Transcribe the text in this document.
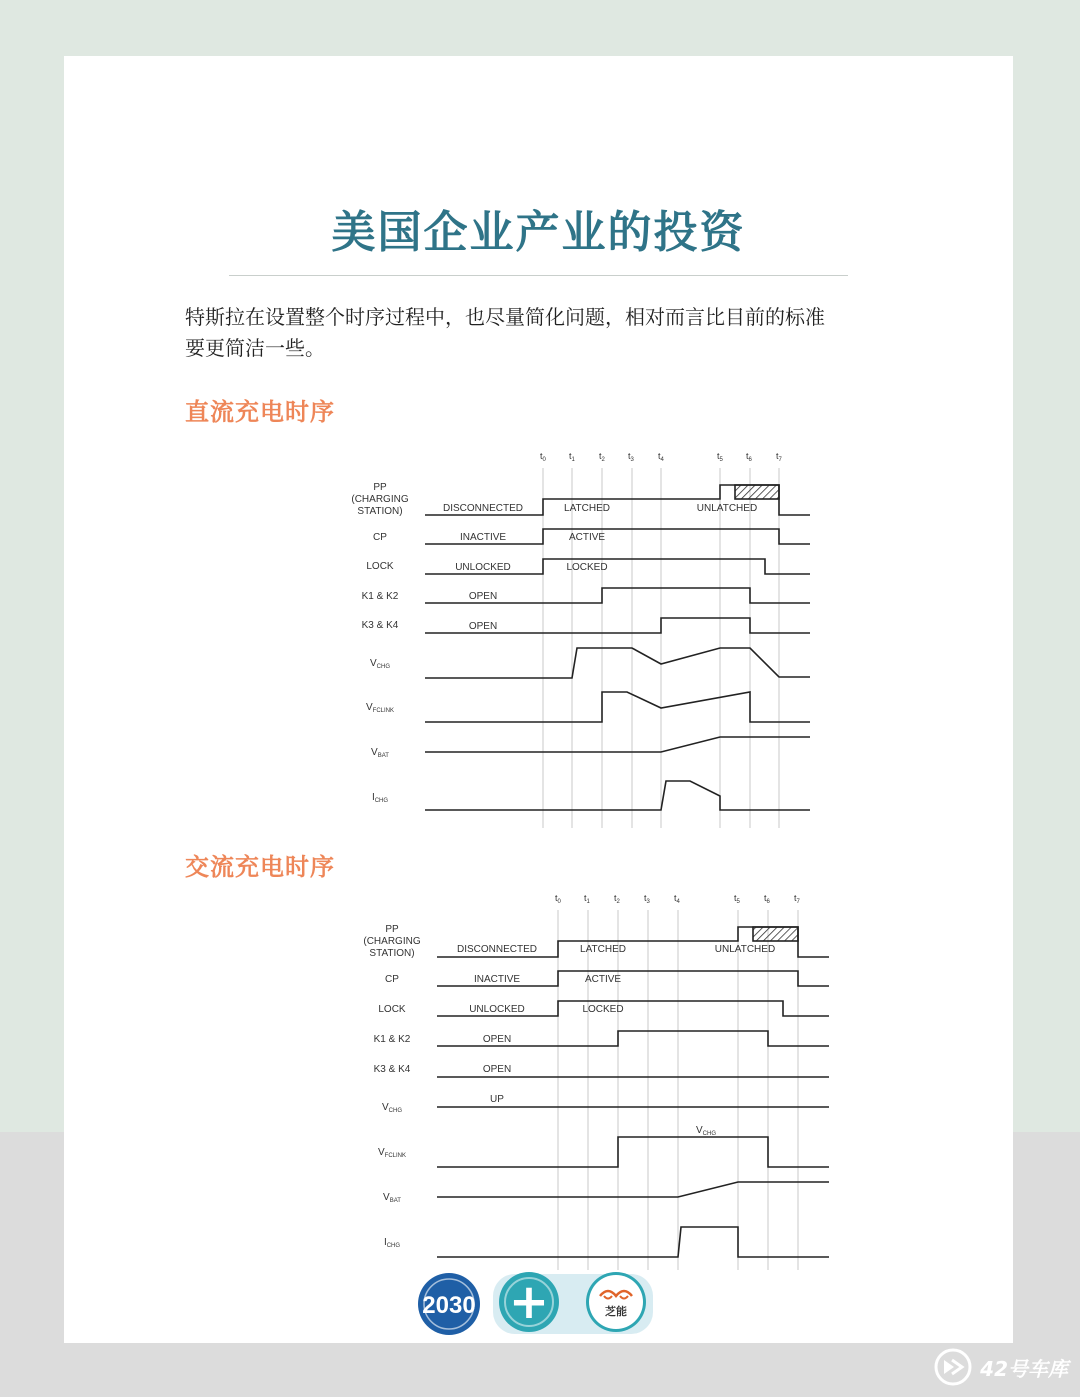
美国企业产业的投资
特斯拉在设置整个时序过程中，也尽量简化问题，相对而言比目前的标准
要更简洁一些。
直流充电时序
交流充电时序
$t_0$	$t_1$	$t_2$	$t_3$	$t_4$	$t_5$	$t_6$	$t_7$
PP
(CHARGING
STATION)
CP
LOCK
K1 & K2
K3 & K4
$V_{CHG}$
$V_{FCLINK}$
$V_{BAT}$
$I_{CHG}$
DISCONNECTED	LATCHED	UNLATCHED
INACTIVE	ACTIVE
UNLOCKED	LOCKED
OPEN
OPEN
$t_0$	$t_1$	$t_2$	$t_3$	$t_4$	$t_5$	$t_6$	$t_7$
PP
(CHARGING
STATION)
CP
LOCK
K1 & K2
K3 & K4
$V_{CHG}$
$V_{FCLINK}$
$V_{BAT}$
$I_{CHG}$
DISCONNECTED	LATCHED	UNLATCHED
INACTIVE	ACTIVE
UNLOCKED	LOCKED
OPEN
OPEN
UP
$V_{CHG}$
2030 +	芝能
42号车库
